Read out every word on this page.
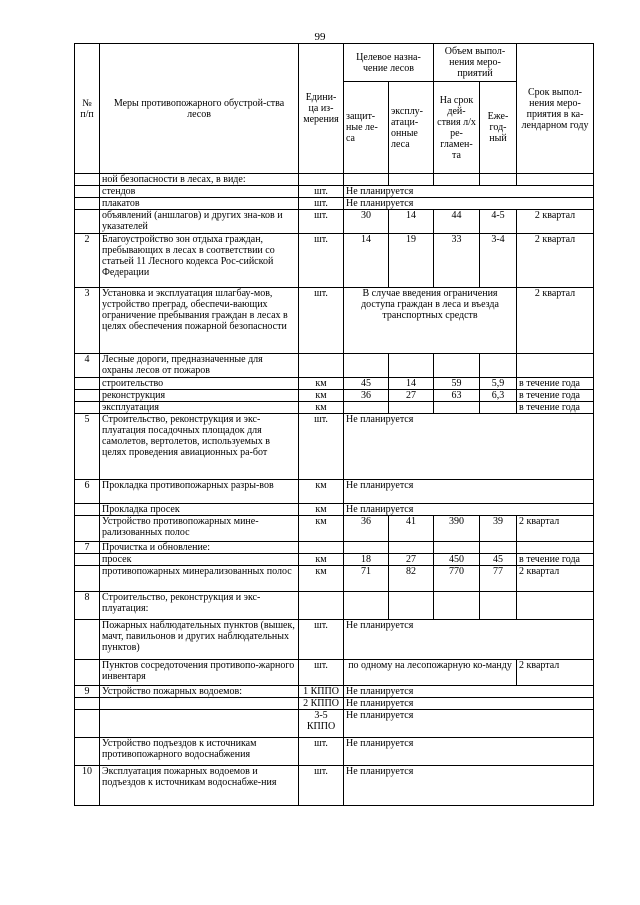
99
№ п/п	Меры противопожарного обустрой-ства лесов	Едини-ца из-мерения	Целевое назна-чение лесов		Объем выпол-нения меро-приятий		Срок выпол-нения меро-приятия в ка-лендарном году
			защит-ные ле-са	эксплу-атаци-онные леса	На срок дей-ствия л/х ре-гламен-та	Еже-год-ный	
	ной безопасности в лесах, в виде:						
	стендов	шт.	Не планируется				
	плакатов	шт.	Не планируется				
	объявлений (аншлагов) и других зна-ков и указателей	шт.	30	14	44	4-5	2 квартал
2	Благоустройство зон отдыха граждан, пребывающих в лесах в соответствии со статьей 11 Лесного кодекса Рос-сийской Федерации	шт.	14	19	33	3-4	2 квартал
3	Установка и эксплуатация шлагбау-мов, устройство преград, обеспечи-вающих ограничение пребывания граждан в лесах в целях обеспечения пожарной безопасности	шт.	В случае введения ограничения доступа граждан в леса и въезда транспортных средств				2 квартал
4	Лесные дороги, предназначенные для охраны лесов от пожаров						
	строительство	км	45	14	59	5,9	в течение года
	реконструкция	км	36	27	63	6,3	в течение года
	эксплуатация	км					в течение года
5	Строительство, реконструкция и экс-плуатация посадочных площадок для самолетов, вертолетов, используемых в целях проведения авиационных ра-бот	шт.	Не планируется				
6	Прокладка противопожарных разры-вов	км	Не планируется				
	Прокладка просек	км	Не планируется				
	Устройство противопожарных мине-рализованных полос	км	36	41	390	39	2 квартал
7	Прочистка и обновление:						
	просек	км	18	27	450	45	в течение года
	противопожарных минерализованных полос	км	71	82	770	77	2 квартал
8	Строительство, реконструкция и экс-плуатация:						
	Пожарных наблюдательных пунктов (вышек, мачт, павильонов и других наблюдательных пунктов)	шт.	Не планируется				
	Пунктов сосредоточения противопо-жарного инвентаря	шт.	по одному на лесопожарную ко-манду				2 квартал
9	Устройство пожарных водоемов:	1 КППО	Не планируется				
		2 КППО	Не планируется				
		3-5 КППО	Не планируется				
	Устройство подъездов к источникам противопожарного водоснабжения	шт.	Не планируется				
10	Эксплуатация пожарных водоемов и подъездов к источникам водоснабже-ния	шт.	Не планируется				
